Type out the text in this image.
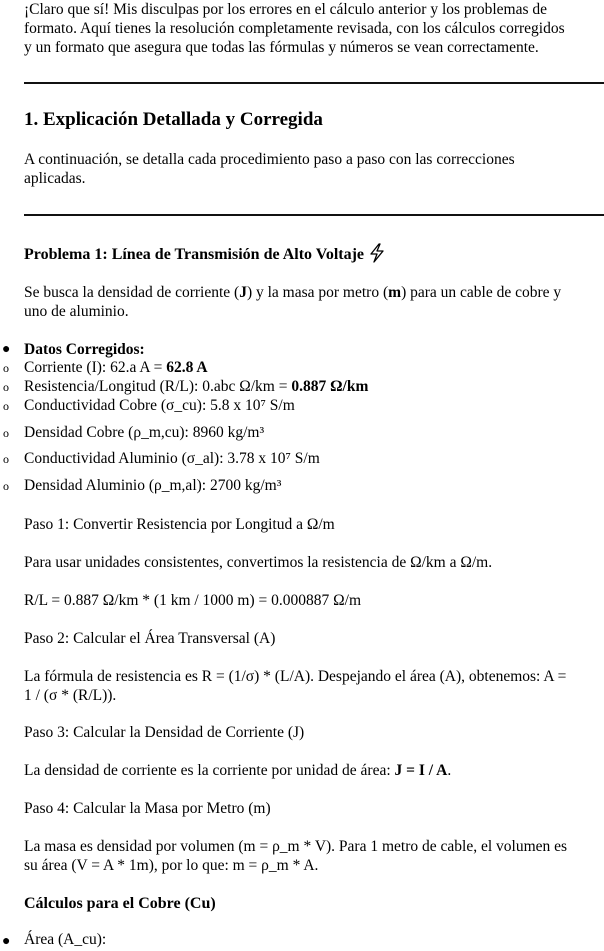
¡Claro que sí! Mis disculpas por los errores en el cálculo anterior y los problemas de

formato. Aquí tienes la resolución completamente revisada, con los cálculos corregidos

y un formato que asegura que todas las fórmulas y números se vean correctamente.

1. Explicación Detallada y Corregida

A continuación, se detalla cada procedimiento paso a paso con las correcciones

aplicadas.

Problema 1: Línea de Transmisión de Alto Voltaje

Se busca la densidad de corriente (J) y la masa por metro (m) para un cable de cobre y

uno de aluminio.

● Datos Corregidos:

o Corriente (I): 62.a A = 62.8 A

o Resistencia/Longitud (R/L): 0.abc Ω/km = 0.887 Ω/km

o Conductividad Cobre (σ_cu): 5.8 x 10⁷ S/m

o Densidad Cobre (ρ_m,cu): 8960 kg/m³

o Conductividad Aluminio (σ_al): 3.78 x 10⁷ S/m

o Densidad Aluminio (ρ_m,al): 2700 kg/m³

Paso 1: Convertir Resistencia por Longitud a Ω/m

Para usar unidades consistentes, convertimos la resistencia de Ω/km a Ω/m.

R/L = 0.887 Ω/km * (1 km / 1000 m) = 0.000887 Ω/m

Paso 2: Calcular el Área Transversal (A)

La fórmula de resistencia es R = (1/σ) * (L/A). Despejando el área (A), obtenemos: A =

1 / (σ * (R/L)).

Paso 3: Calcular la Densidad de Corriente (J)

La densidad de corriente es la corriente por unidad de área: J = I / A.

Paso 4: Calcular la Masa por Metro (m)

La masa es densidad por volumen (m = ρ_m * V). Para 1 metro de cable, el volumen es

su área (V = A * 1m), por lo que: m = ρ_m * A.

Cálculos para el Cobre (Cu)

● Área (A_cu):
